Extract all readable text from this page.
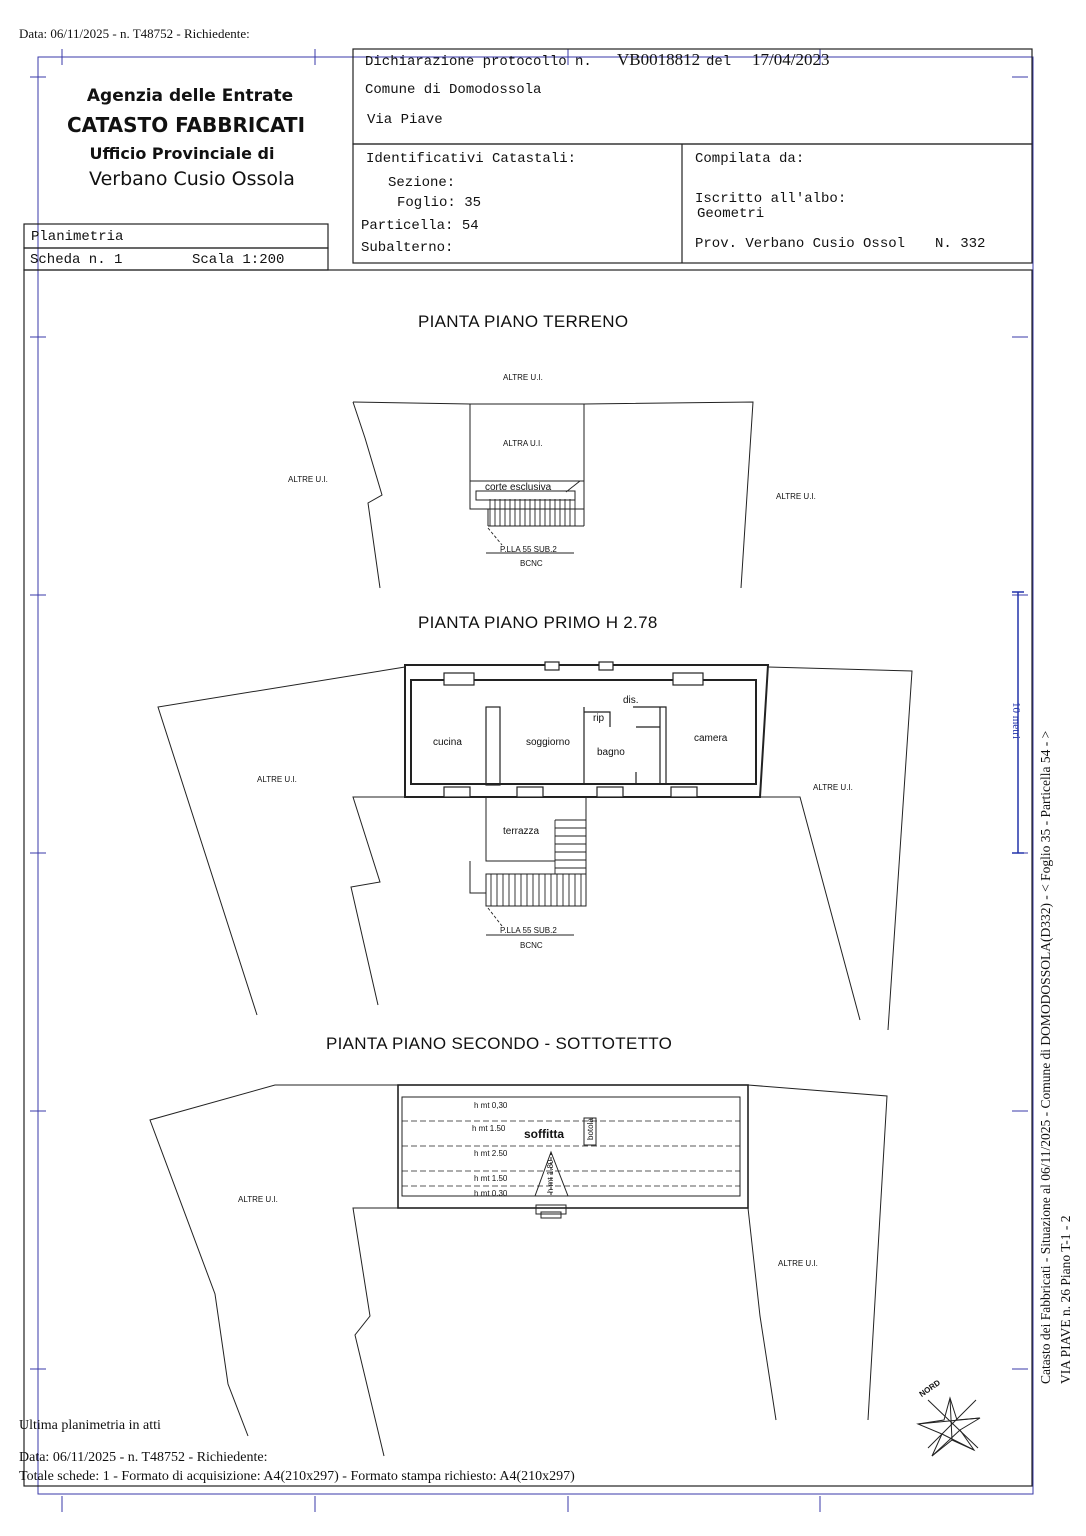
Data: 06/11/2025 - n. T48752 - Richiedente:
Agenzia delle Entrate
CATASTO FABBRICATI
Ufficio Provinciale di
Verbano Cusio Ossola
Dichiarazione protocollo n. VB0018812 del 17/04/2023
Comune di Domodossola
Via Piave
Identificativi Catastali:
Sezione:
Foglio: 35
Particella: 54
Subalterno:
Compilata da:
Iscritto all'albo:
Geometri
Prov. Verbano Cusio Ossol N. 332
Planimetria
Scheda n. 1	Scala 1:200
PIANTA PIANO TERRENO
ALTRE U.I.
ALTRA U.I.
ALTRE U.I.
ALTRE U.I.
corte esclusiva
P.LLA 55 SUB.2
BCNC
PIANTA PIANO PRIMO H 2.78
dis.
rip
cucina	soggiorno
bagno
camera
ALTRE U.I.
ALTRE U.I.
terrazza
P.LLA 55 SUB.2
BCNC
PIANTA PIANO SECONDO - SOTTOTETTO
h mt 0,30
h mt 1.50 soffitta	botola
h mt 2.50
h mt 1.50
h mt 0.30
h mt 1.80
ALTRE U.I.
ALTRE U.I.
NORD
10 metri
Catasto dei Fabbricati - Situazione al 06/11/2025 - Comune di DOMODOSSOLA(D332) - < Foglio 35 - Particella 54 - > VIA PIAVE n. 26 Piano T-1 - 2
Ultima planimetria in atti
Data: 06/11/2025 - n. T48752 - Richiedente:
Totale schede: 1 - Formato di acquisizione: A4(210x297) - Formato stampa richiesto: A4(210x297)
